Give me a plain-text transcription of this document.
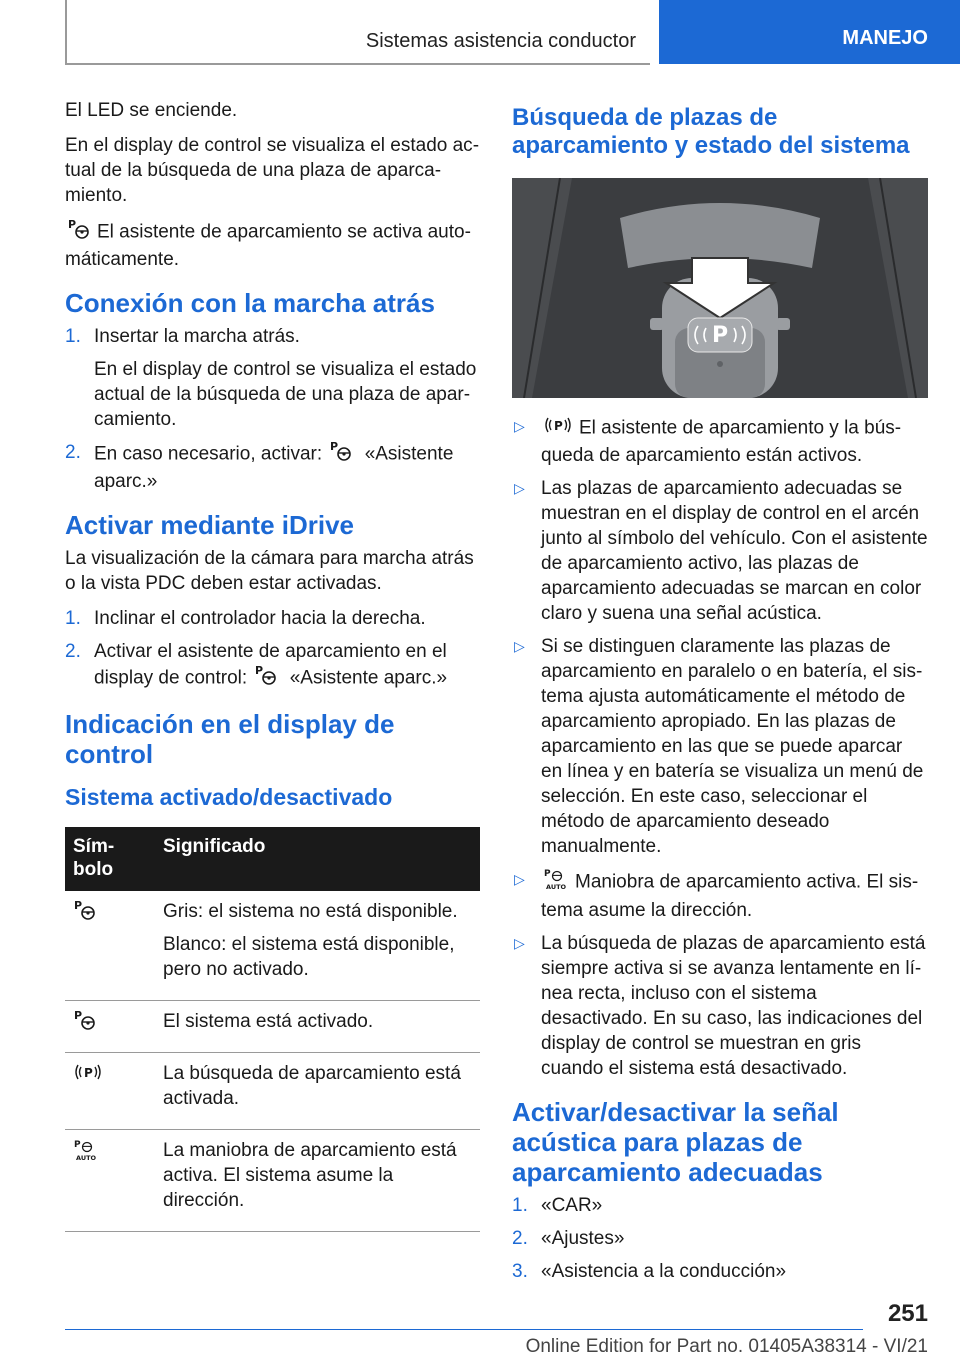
Sistemas asistencia conductor	MANEJO

El LED se enciende.

En el display de control se visualiza el estado actual de la búsqueda de una plaza de aparcamiento.

P El asistente de aparcamiento se activa automáticamente.

Conexión con la marcha atrás
1. Insertar la marcha atrás.
En el display de control se visualiza el estado actual de la búsqueda de una plaza de aparcamiento.
2. En caso necesario, activar: P «Asistente aparc.»
Activar mediante iDrive

La visualización de la cámara para marcha atrás o la vista PDC deben estar activadas.

1. Inclinar el controlador hacia la derecha.
2. Activar el asistente de aparcamiento en el display de control: P «Asistente aparc.»
Indicación en el display de control
Sistema activado/desactivado
Símbolo	Significado

P	Gris: el sistema no está disponible.

Blanco: el sistema está disponible, pero no activado.

P	El sistema está activado.

P	La búsqueda de aparcamiento está activada.

P
AUTO	La maniobra de aparcamiento está activa. El sistema asume la dirección.

Búsqueda de plazas de aparcamiento y estado del sistema
P
▷ P El asistente de aparcamiento y la búsqueda de aparcamiento están activos.
▷ Las plazas de aparcamiento adecuadas se muestran en el display de control en el arcén junto al símbolo del vehículo. Con el asistente de aparcamiento activo, las plazas de aparcamiento adecuadas se marcan en color claro y suena una señal acústica.
▷ Si se distinguen claramente las plazas de aparcamiento en paralelo o en batería, el sistema ajusta automáticamente el método de aparcamiento apropiado. En las plazas de aparcamiento en las que se puede aparcar en línea y en batería se visualiza un menú de selección. En este caso, seleccionar el método de aparcamiento deseado manualmente.
▷ P
AUTO Maniobra de aparcamiento activa. El sistema asume la dirección.
▷ La búsqueda de plazas de aparcamiento está siempre activa si se avanza lentamente en línea recta, incluso con el sistema desactivado. En su caso, las indicaciones del display de control se muestran en gris cuando el sistema está desactivado.
Activar/desactivar la señal acústica para plazas de aparcamiento adecuadas
1. «CAR»
2. «Ajustes»
3. «Asistencia a la conducción»
251
Online Edition for Part no. 01405A38314 - VI/21
